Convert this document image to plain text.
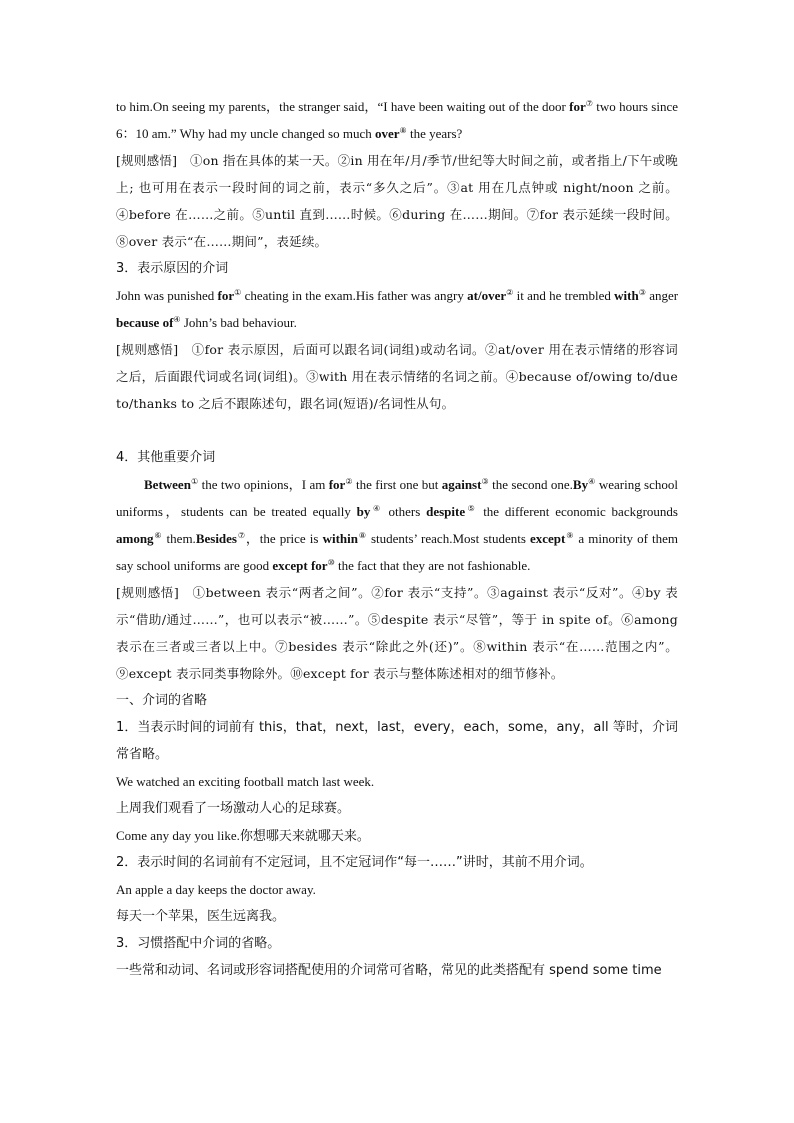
to him.On seeing my parents，the stranger said，“I have been waiting out of the door for⑦ two hours since 6：10 am.” Why had my uncle changed so much over⑧ the years?
[规则感悟]　①on 指在具体的某一天。②in 用在年/月/季节/世纪等大时间之前，或者指上/下午或晚上; 也可用在表示一段时间的词之前，表示“多久之后”。③at 用在几点钟或 night/noon 之前。④before 在……之前。⑤until 直到……时候。⑥during 在……期间。⑦for 表示延续一段时间。⑧over 表示“在……期间”，表延续。
3．表示原因的介词
John was punished for① cheating in the exam.His father was angry at/over② it and he trembled with③ anger because of④ John’s bad behaviour.
[规则感悟]　①for 表示原因，后面可以跟名词(词组)或动名词。②at/over 用在表示情绪的形容词之后，后面跟代词或名词(词组)。③with 用在表示情绪的名词之前。④because of/owing to/due to/thanks to 之后不跟陈述句，跟名词(短语)/名词性从句。
4．其他重要介词
Between① the two opinions，I am for② the first one but against③ the second one.By④ wearing school uniforms，students can be treated equally by④ others despite⑤ the different economic backgrounds among⑥ them.Besides⑦，the price is within⑧ students’ reach.Most students except⑨ a minority of them say school uniforms are good except for⑩ the fact that they are not fashionable.
[规则感悟]　①between 表示“两者之间”。②for 表示“支持”。③against 表示“反对”。④by 表示“借助/通过……”，也可以表示“被……”。⑤despite 表示“尽管”，等于 in spite of。⑥among 表示在三者或三者以上中。⑦besides 表示“除此之外(还)”。⑧within 表示“在……范围之内”。⑨except 表示同类事物除外。⑩except for 表示与整体陈述相对的细节修补。
一、介词的省略
1．当表示时间的词前有 this，that，next，last，every，each，some，any，all 等时，介词常省略。
We watched an exciting football match last week.
上周我们观看了一场激动人心的足球赛。
Come any day you like.你想哪天来就哪天来。
2．表示时间的名词前有不定冠词，且不定冠词作“每一……”讲时，其前不用介词。
An apple a day keeps the doctor away.
每天一个苹果，医生远离我。
3．习惯搭配中介词的省略。
一些常和动词、名词或形容词搭配使用的介词常可省略，常见的此类搭配有 spend some time
